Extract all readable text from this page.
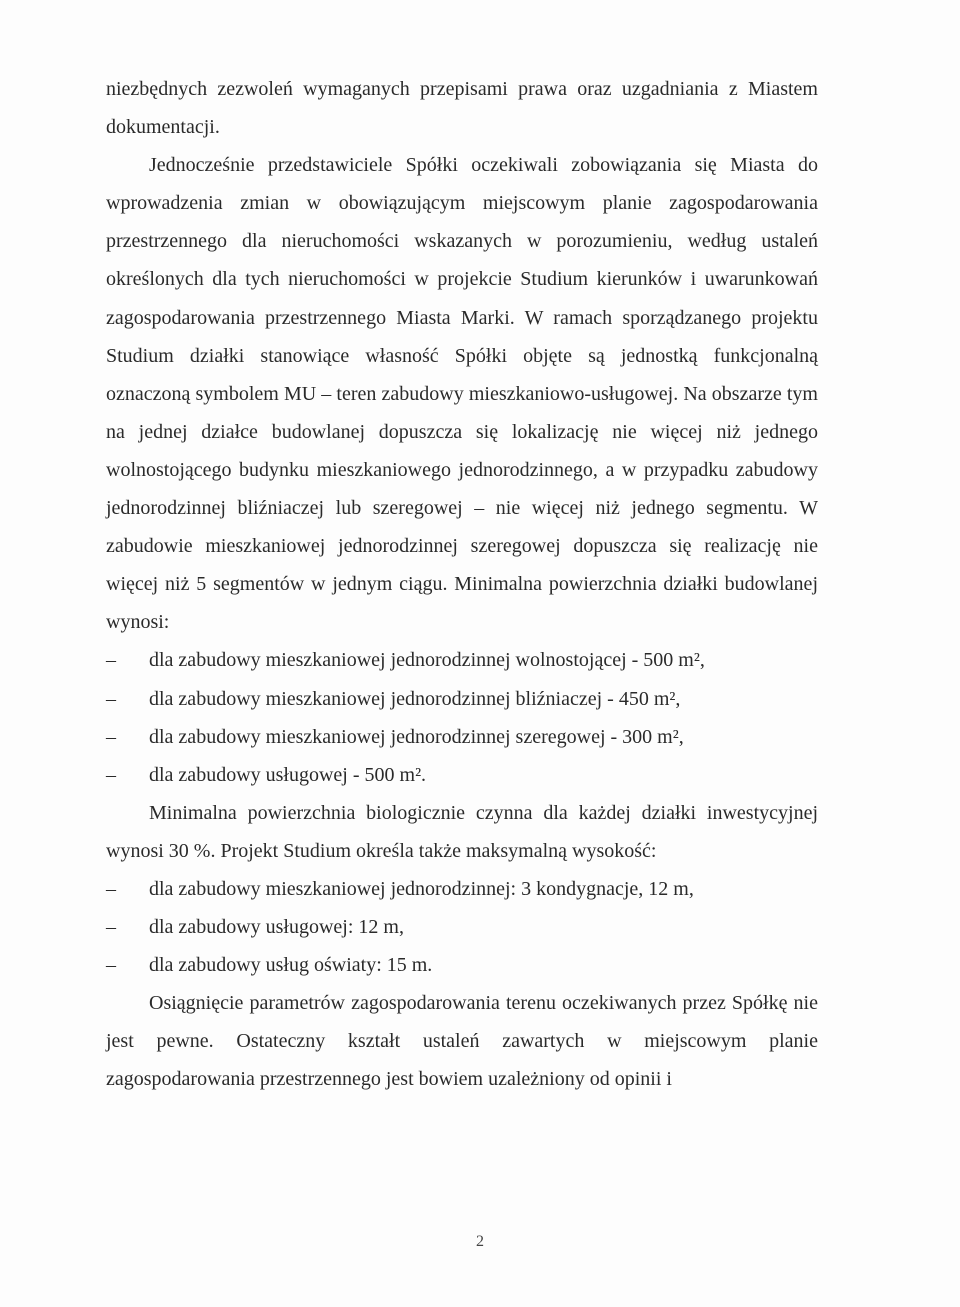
niezbędnych zezwoleń wymaganych przepisami prawa oraz uzgadniania z Miastem dokumentacji.

Jednocześnie przedstawiciele Spółki oczekiwali zobowiązania się Miasta do wprowadzenia zmian w obowiązującym miejscowym planie zagospodarowania przestrzennego dla nieruchomości wskazanych w porozumieniu, według ustaleń określonych dla tych nieruchomości w projekcie Studium kierunków i uwarunkowań zagospodarowania przestrzennego Miasta Marki. W ramach sporządzanego projektu Studium działki stanowiące własność Spółki objęte są jednostką funkcjonalną oznaczoną symbolem MU – teren zabudowy mieszkaniowo-usługowej. Na obszarze tym na jednej działce budowlanej dopuszcza się lokalizację nie więcej niż jednego wolnostojącego budynku mieszkaniowego jednorodzinnego, a w przypadku zabudowy jednorodzinnej bliźniaczej lub szeregowej – nie więcej niż jednego segmentu. W zabudowie mieszkaniowej jednorodzinnej szeregowej dopuszcza się realizację nie więcej niż 5 segmentów w jednym ciągu. Minimalna powierzchnia działki budowlanej wynosi:

– dla zabudowy mieszkaniowej jednorodzinnej wolnostojącej - 500 m²,
– dla zabudowy mieszkaniowej jednorodzinnej bliźniaczej - 450 m²,
– dla zabudowy mieszkaniowej jednorodzinnej szeregowej - 300 m²,
– dla zabudowy usługowej - 500 m².

Minimalna powierzchnia biologicznie czynna dla każdej działki inwestycyjnej wynosi 30 %. Projekt Studium określa także maksymalną wysokość:

– dla zabudowy mieszkaniowej jednorodzinnej: 3 kondygnacje, 12 m,
– dla zabudowy usługowej: 12 m,
– dla zabudowy usług oświaty: 15 m.

Osiągnięcie parametrów zagospodarowania terenu oczekiwanych przez Spółkę nie jest pewne. Ostateczny kształt ustaleń zawartych w miejscowym planie zagospodarowania przestrzennego jest bowiem uzależniony od opinii i

2
